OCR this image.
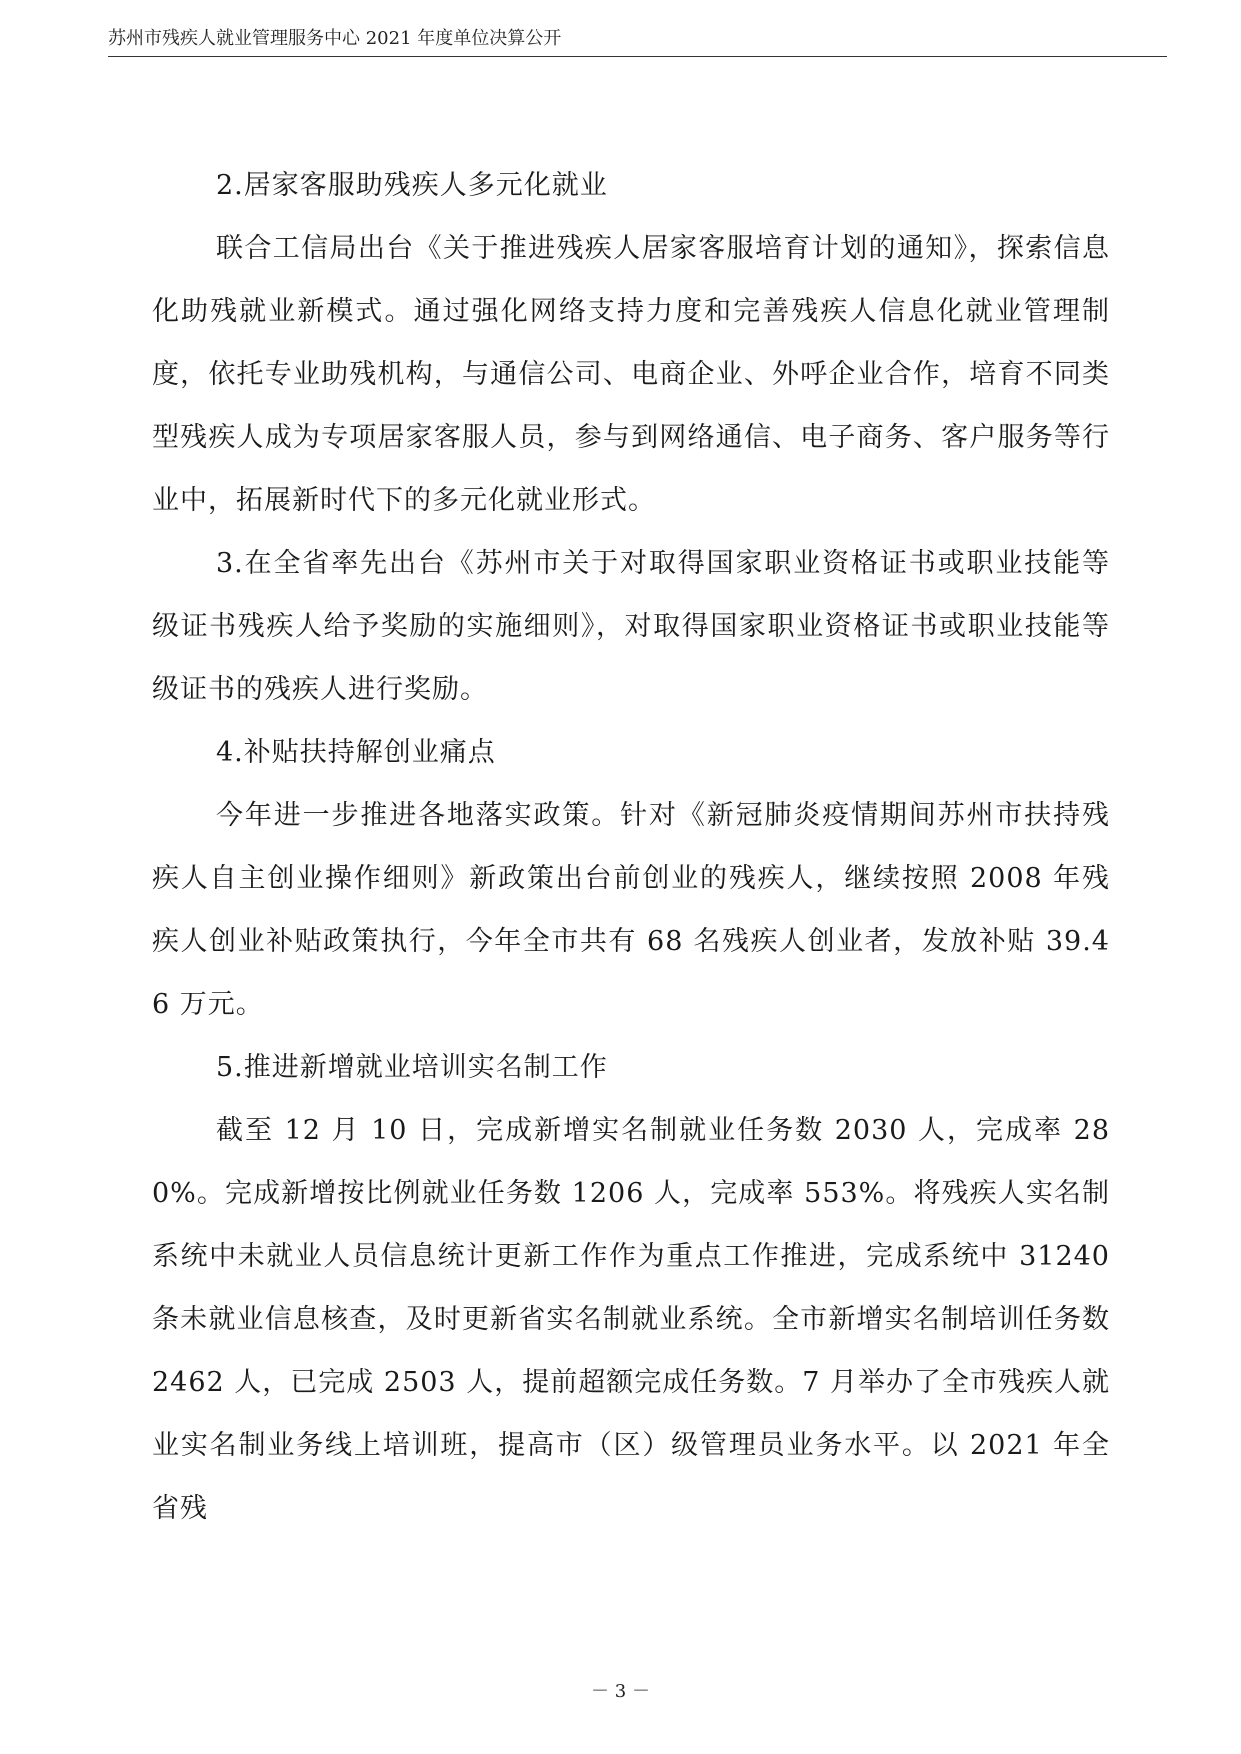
苏州市残疾人就业管理服务中心 2021 年度单位决算公开

2.居家客服助残疾人多元化就业

联合工信局出台《关于推进残疾人居家客服培育计划的通知》，探索信息化助残就业新模式。通过强化网络支持力度和完善残疾人信息化就业管理制度，依托专业助残机构，与通信公司、电商企业、外呼企业合作，培育不同类型残疾人成为专项居家客服人员，参与到网络通信、电子商务、客户服务等行业中，拓展新时代下的多元化就业形式。

3.在全省率先出台《苏州市关于对取得国家职业资格证书或职业技能等级证书残疾人给予奖励的实施细则》，对取得国家职业资格证书或职业技能等级证书的残疾人进行奖励。

4.补贴扶持解创业痛点

今年进一步推进各地落实政策。针对《新冠肺炎疫情期间苏州市扶持残疾人自主创业操作细则》新政策出台前创业的残疾人，继续按照 2008 年残疾人创业补贴政策执行，今年全市共有 68 名残疾人创业者，发放补贴 39.46 万元。

5.推进新增就业培训实名制工作

截至 12 月 10 日，完成新增实名制就业任务数 2030 人，完成率 280%。完成新增按比例就业任务数 1206 人，完成率 553%。将残疾人实名制系统中未就业人员信息统计更新工作作为重点工作推进，完成系统中 31240 条未就业信息核查，及时更新省实名制就业系统。全市新增实名制培训任务数 2462 人，已完成 2503 人，提前超额完成任务数。7 月举办了全市残疾人就业实名制业务线上培训班，提高市（区）级管理员业务水平。以 2021 年全省残

－ 3 －
